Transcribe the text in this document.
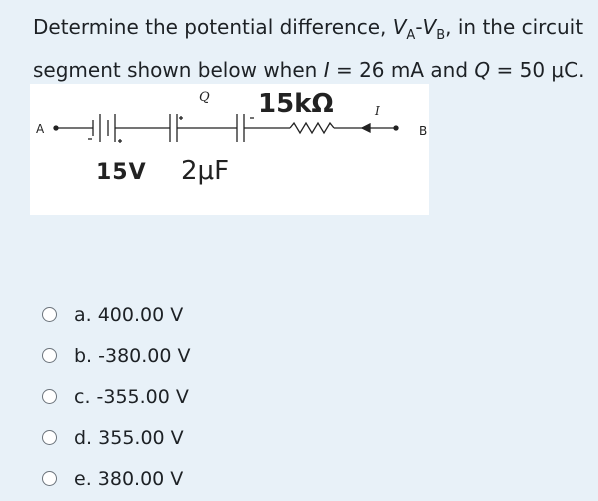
Determine the potential difference, $V_A-V_B$, in the circuit
segment shown below when I = 26 mA and Q = 50 μC.
15kΩ
15V 2μF
A	B
Q
I
a. 400.00 V
b. -380.00 V
c. -355.00 V
d. 355.00 V
e. 380.00 V
